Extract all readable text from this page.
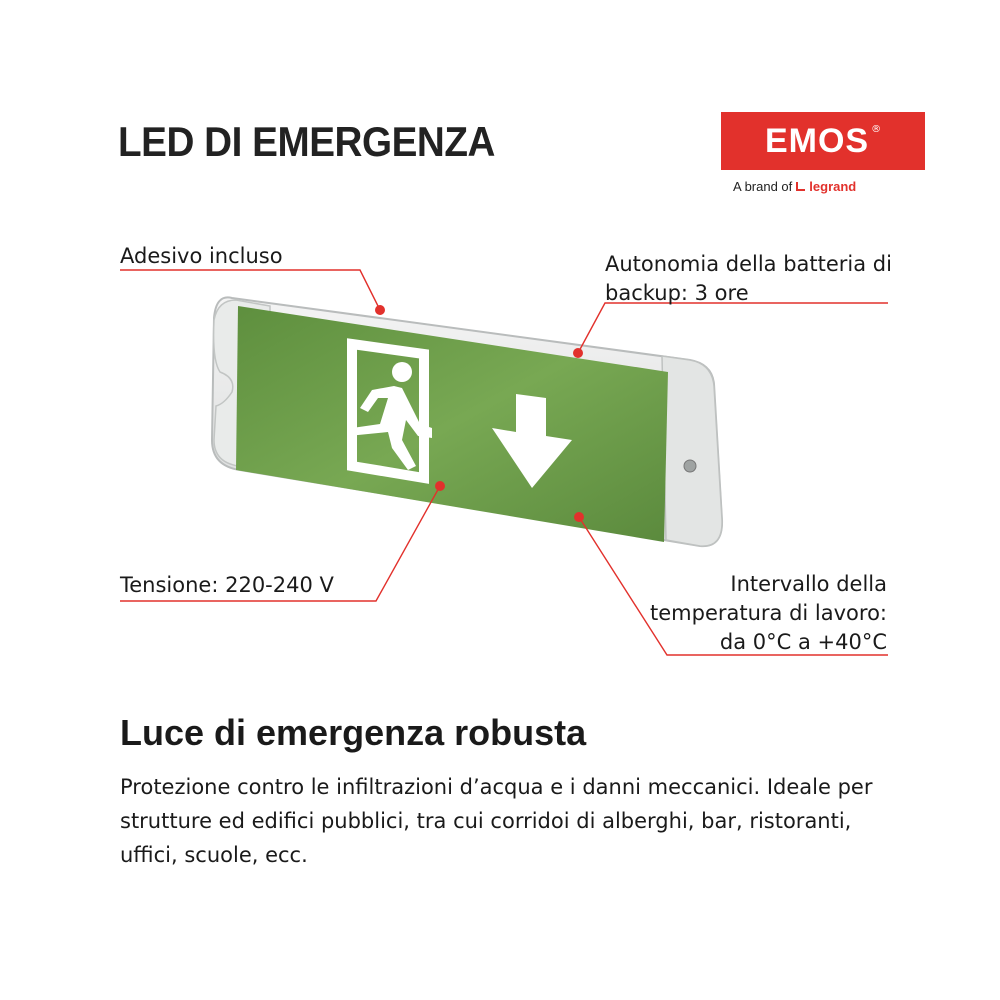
LED DI EMERGENZA	EMOS ®
A brand of legrand
Adesivo incluso	Autonomia della batteria di
backup: 3 ore
Tensione: 220-240 V	Intervallo della
temperatura di lavoro:
da 0°C a +40°C
Luce di emergenza robusta
Protezione contro le infiltrazioni d’acqua e i danni meccanici. Ideale per strutture ed edifici pubblici, tra cui corridoi di alberghi, bar, ristoranti, uffici, scuole, ecc.
